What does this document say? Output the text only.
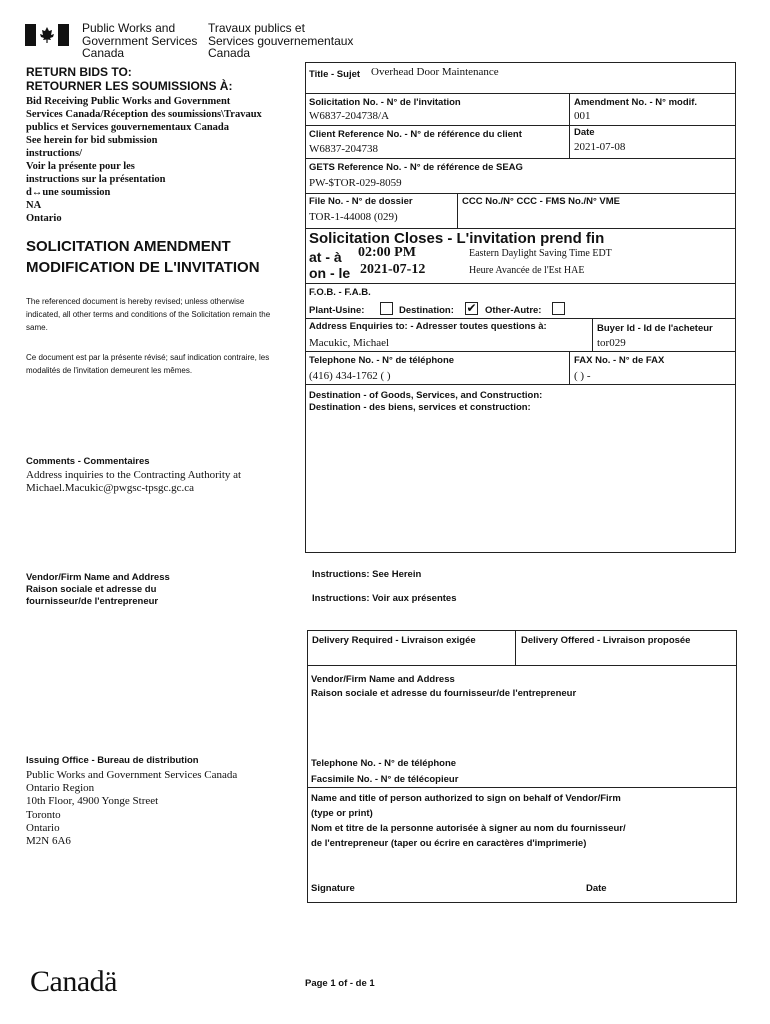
Public Works and
Government Services
Canada
Travaux publics et
Services gouvernementaux
Canada
RETURN BIDS TO:
RETOURNER LES SOUMISSIONS À:
Bid Receiving Public Works and Government
Services Canada/Réception des soumissions\Travaux
publics et Services gouvernementaux Canada
See herein for bid submission
instructions/
Voir la présente pour les
instructions sur la présentation
d↔une soumission
NA
Ontario
SOLICITATION AMENDMENT
MODIFICATION DE L'INVITATION
The referenced document is hereby revised; unless otherwise indicated, all other terms and conditions of the Solicitation remain the same.
Ce document est par la présente révisé; sauf indication contraire, les modalités de l'invitation demeurent les mêmes.
Comments - Commentaires
Address inquiries to the Contracting Authority at
Michael.Macukic@pwgsc-tpsgc.gc.ca
Vendor/Firm Name and Address
Raison sociale et adresse du
fournisseur/de l'entrepreneur
Issuing Office - Bureau de distribution
Public Works and Government Services Canada
Ontario Region
10th Floor, 4900 Yonge Street
Toronto
Ontario
M2N 6A6
Title - Sujet Overhead Door Maintenance
Solicitation No. - N° de l'invitation
W6837-204738/A
Amendment No. - N° modif.
001
Client Reference No. - N° de référence du client
W6837-204738
Date
2021-07-08
GETS Reference No. - N° de référence de SEAG
PW-$TOR-029-8059
File No. - N° de dossier
TOR-1-44008 (029)
CCC No./N° CCC - FMS No./N° VME
Solicitation Closes - L'invitation prend fin
at - à 02:00 PM
on - le 2021-07-12
Eastern Daylight Saving Time EDT
Heure Avancée de l'Est HAE
F.O.B. - F.A.B.
Plant-Usine:	Destination: ✔ Other-Autre:
Address Enquiries to: - Adresser toutes questions à:
Macukic, Michael
Buyer Id - Id de l'acheteur
tor029
Telephone No. - N° de téléphone
(416) 434-1762 ( )
FAX No. - N° de FAX
( ) -
Destination - of Goods, Services, and Construction:
Destination - des biens, services et construction:
Instructions: See Herein
Instructions: Voir aux présentes
Delivery Required - Livraison exigée	Delivery Offered - Livraison proposée
Vendor/Firm Name and Address
Raison sociale et adresse du fournisseur/de l'entrepreneur
Telephone No. - N° de téléphone
Facsimile No. - N° de télécopieur
Name and title of person authorized to sign on behalf of Vendor/Firm
(type or print)
Nom et titre de la personne autorisée à signer au nom du fournisseur/
de l'entrepreneur (taper ou écrire en caractères d'imprimerie)
Signature	Date
Canadä	Page 1 of - de 1
